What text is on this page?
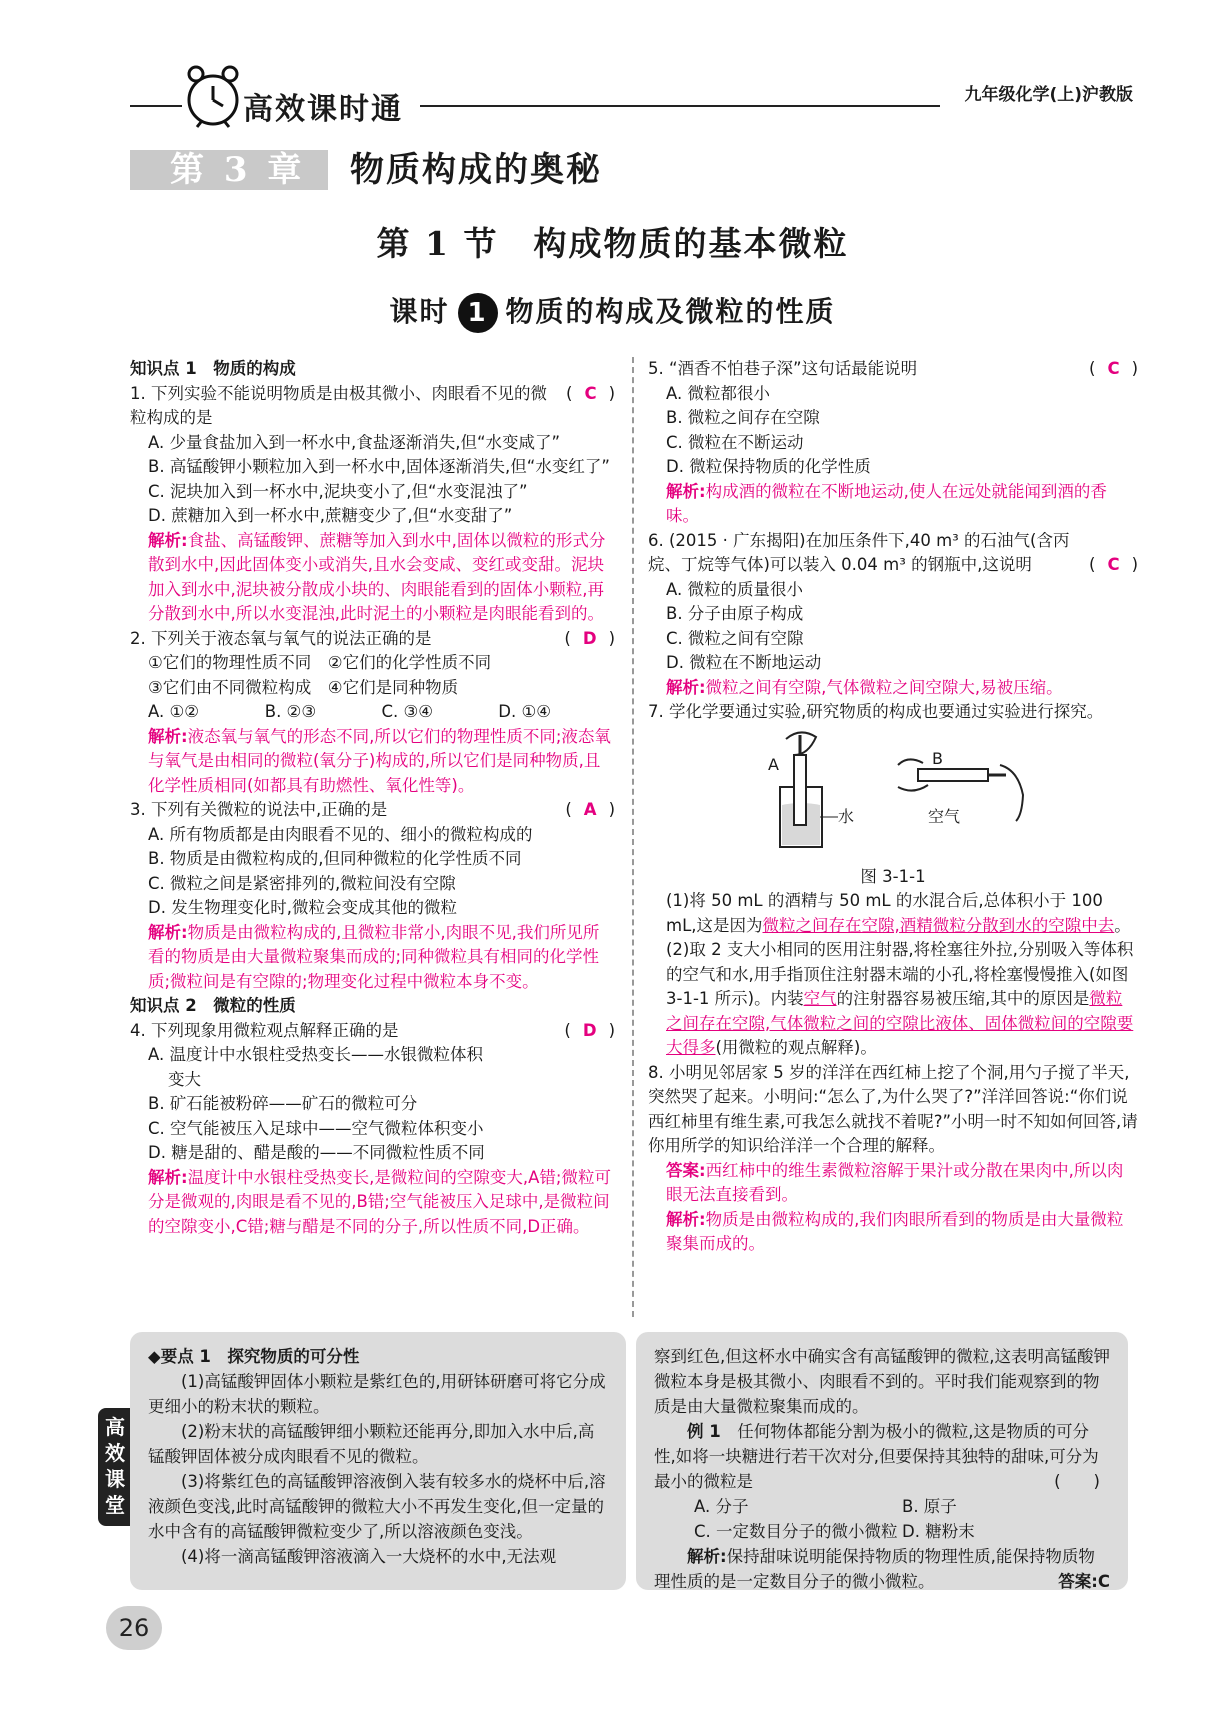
高效课时通	九年级化学(上)沪教版
第 3 章 物质构成的奥秘
第 1 节　构成物质的基本微粒
课时 1 物质的构成及微粒的性质
知识点 1　物质的构成
1. 下列实验不能说明物质是由极其微小、肉眼看不见的微粒构成的是
( C )
A. 少量食盐加入到一杯水中,食盐逐渐消失,但“水变咸了”
B. 高锰酸钾小颗粒加入到一杯水中,固体逐渐消失,但“水变红了”
C. 泥块加入到一杯水中,泥块变小了,但“水变混浊了”
D. 蔗糖加入到一杯水中,蔗糖变少了,但“水变甜了”
解析:食盐、高锰酸钾、蔗糖等加入到水中,固体以微粒的形式分散到水中,因此固体变小或消失,且水会变咸、变红或变甜。泥块加入到水中,泥块被分散成小块的、肉眼能看到的固体小颗粒,再分散到水中,所以水变混浊,此时泥土的小颗粒是肉眼能看到的。
2. 下列关于液态氧与氧气的说法正确的是	( D )
①它们的物理性质不同　②它们的化学性质不同
③它们由不同微粒构成　④它们是同种物质
A. ①②	B. ②③	C. ③④	D. ①④
解析:液态氧与氧气的形态不同,所以它们的物理性质不同;液态氧与氧气是由相同的微粒(氧分子)构成的,所以它们是同种物质,且化学性质相同(如都具有助燃性、氧化性等)。
3. 下列有关微粒的说法中,正确的是	( A )
A. 所有物质都是由肉眼看不见的、细小的微粒构成的
B. 物质是由微粒构成的,但同种微粒的化学性质不同
C. 微粒之间是紧密排列的,微粒间没有空隙
D. 发生物理变化时,微粒会变成其他的微粒
解析:物质是由微粒构成的,且微粒非常小,肉眼不见,我们所见所看的物质是由大量微粒聚集而成的;同种微粒具有相同的化学性质;微粒间是有空隙的;物理变化过程中微粒本身不变。
知识点 2　微粒的性质
4. 下列现象用微粒观点解释正确的是	( D )
A. 温度计中水银柱受热变长——水银微粒体积
变大
B. 矿石能被粉碎——矿石的微粒可分
C. 空气能被压入足球中——空气微粒体积变小
D. 糖是甜的、醋是酸的——不同微粒性质不同
解析:温度计中水银柱受热变长,是微粒间的空隙变大,A错;微粒可分是微观的,肉眼是看不见的,B错;空气能被压入足球中,是微粒间的空隙变小,C错;糖与醋是不同的分子,所以性质不同,D正确。
5. “酒香不怕巷子深”这句话最能说明	( C )
A. 微粒都很小
B. 微粒之间存在空隙
C. 微粒在不断运动
D. 微粒保持物质的化学性质
解析:构成酒的微粒在不断地运动,使人在远处就能闻到酒的香味。
6. (2015 · 广东揭阳)在加压条件下,40 m³ 的石油气(含丙烷、丁烷等气体)可以装入 0.04 m³ 的钢瓶中,这说明	( C )
A. 微粒的质量很小
B. 分子由原子构成
C. 微粒之间有空隙
D. 微粒在不断地运动
解析:微粒之间有空隙,气体微粒之间空隙大,易被压缩。
7. 学化学要通过实验,研究物质的构成也要通过实验进行探究。
A	B
水	空气
图 3-1-1
(1)将 50 mL 的酒精与 50 mL 的水混合后,总体积小于 100 mL,这是因为微粒之间存在空隙,酒精微粒分散到水的空隙中去。
(2)取 2 支大小相同的医用注射器,将栓塞往外拉,分别吸入等体积的空气和水,用手指顶住注射器末端的小孔,将栓塞慢慢推入(如图 3-1-1 所示)。内装空气的注射器容易被压缩,其中的原因是微粒之间存在空隙,气体微粒之间的空隙比液体、固体微粒间的空隙要大得多(用微粒的观点解释)。
8. 小明见邻居家 5 岁的洋洋在西红柿上挖了个洞,用勺子搅了半天,突然哭了起来。小明问:“怎么了,为什么哭了?”洋洋回答说:“你们说西红柿里有维生素,可我怎么就找不着呢?”小明一时不知如何回答,请你用所学的知识给洋洋一个合理的解释。
答案:西红柿中的维生素微粒溶解于果汁或分散在果肉中,所以肉眼无法直接看到。
解析:物质是由微粒构成的,我们肉眼所看到的物质是由大量微粒聚集而成的。
高效课堂
◆要点 1　探究物质的可分性
(1)高锰酸钾固体小颗粒是紫红色的,用研钵研磨可将它分成更细小的粉末状的颗粒。
(2)粉末状的高锰酸钾细小颗粒还能再分,即加入水中后,高锰酸钾固体被分成肉眼看不见的微粒。
(3)将紫红色的高锰酸钾溶液倒入装有较多水的烧杯中后,溶液颜色变浅,此时高锰酸钾的微粒大小不再发生变化,但一定量的水中含有的高锰酸钾微粒变少了,所以溶液颜色变浅。
(4)将一滴高锰酸钾溶液滴入一大烧杯的水中,无法观
察到红色,但这杯水中确实含有高锰酸钾的微粒,这表明高锰酸钾微粒本身是极其微小、肉眼看不到的。平时我们能观察到的物质是由大量微粒聚集而成的。
例 1　 任何物体都能分割为极小的微粒,这是物质的可分性,如将一块糖进行若干次对分,但要保持其独特的甜味,可分为最小的微粒是	(　　)
A. 分子	B. 原子
C. 一定数目分子的微小微粒 D. 糖粉末
解析:保持甜味说明能保持物质的物理性质,能保持物质物理性质的是一定数目分子的微小微粒。	答案:C
26
